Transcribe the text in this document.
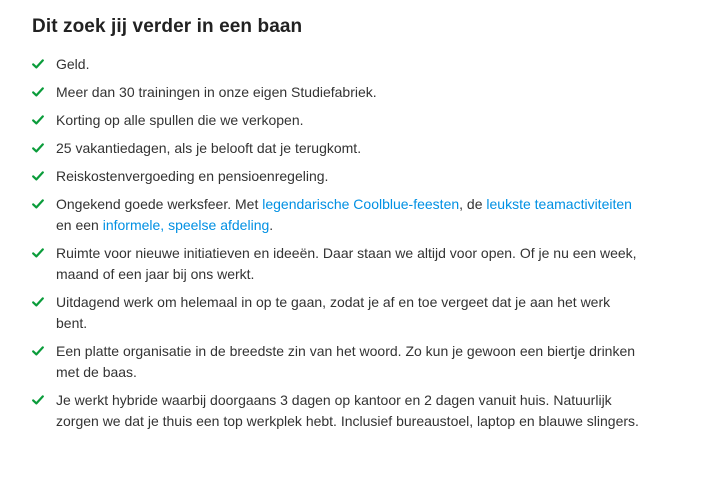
Dit zoek jij verder in een baan
Geld.
Meer dan 30 trainingen in onze eigen Studiefabriek.
Korting op alle spullen die we verkopen.
25 vakantiedagen, als je belooft dat je terugkomt.
Reiskostenvergoeding en pensioenregeling.
Ongekend goede werksfeer. Met legendarische Coolblue-feesten, de leukste teamactiviteiten en een informele, speelse afdeling.
Ruimte voor nieuwe initiatieven en ideeën. Daar staan we altijd voor open. Of je nu een week, maand of een jaar bij ons werkt.
Uitdagend werk om helemaal in op te gaan, zodat je af en toe vergeet dat je aan het werk bent.
Een platte organisatie in de breedste zin van het woord. Zo kun je gewoon een biertje drinken met de baas.
Je werkt hybride waarbij doorgaans 3 dagen op kantoor en 2 dagen vanuit huis. Natuurlijk zorgen we dat je thuis een top werkplek hebt. Inclusief bureaustoel, laptop en blauwe slingers.
